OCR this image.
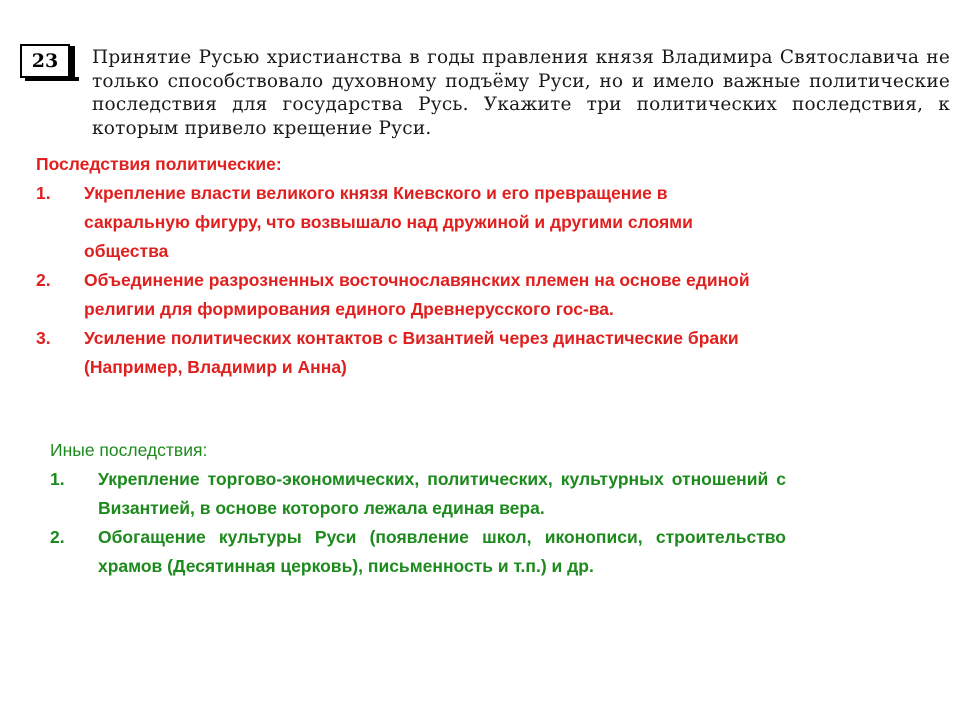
23 Принятие Русью христианства в годы правления князя Владимира Святославича не только способствовало духовному подъёму Руси, но и имело важные политические последствия для государства Русь. Укажите три политических последствия, к которым привело крещение Руси.
Последствия политические:
1. Укрепление власти великого князя Киевского и его превращение в сакральную фигуру, что возвышало над дружиной и другими слоями общества
2. Объединение разрозненных восточнославянских племен на основе единой религии для формирования единого Древнерусского гос-ва.
3. Усиление политических контактов с Византией через династические браки (Например, Владимир и Анна)
Иные последствия:
1. Укрепление торгово-экономических, политических, культурных отношений с Византией, в основе которого лежала единая вера.
2. Обогащение культуры Руси (появление школ, иконописи, строительство храмов (Десятинная церковь), письменность и т.п.) и др.
